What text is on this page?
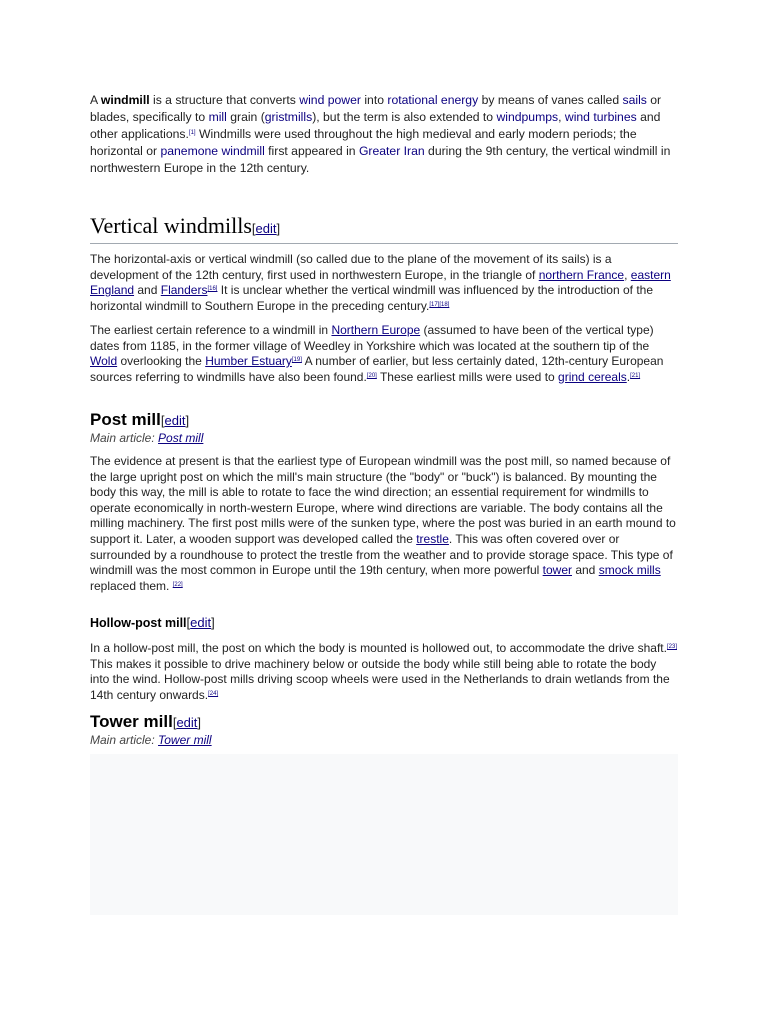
A windmill is a structure that converts wind power into rotational energy by means of vanes called sails or blades, specifically to mill grain (gristmills), but the term is also extended to windpumps, wind turbines and other applications.[1] Windmills were used throughout the high medieval and early modern periods; the horizontal or panemone windmill first appeared in Greater Iran during the 9th century, the vertical windmill in northwestern Europe in the 12th century.

Vertical windmills[edit]

The horizontal-axis or vertical windmill (so called due to the plane of the movement of its sails) is a development of the 12th century, first used in northwestern Europe, in the triangle of northern France, eastern England and Flanders[16] It is unclear whether the vertical windmill was influenced by the introduction of the horizontal windmill to Southern Europe in the preceding century.[17][18]

The earliest certain reference to a windmill in Northern Europe (assumed to have been of the vertical type) dates from 1185, in the former village of Weedley in Yorkshire which was located at the southern tip of the Wold overlooking the Humber Estuary[19] A number of earlier, but less certainly dated, 12th-century European sources referring to windmills have also been found.[20] These earliest mills were used to grind cereals.[21]

Post mill[edit]

Main article: Post mill

The evidence at present is that the earliest type of European windmill was the post mill, so named because of the large upright post on which the mill's main structure (the "body" or "buck") is balanced. By mounting the body this way, the mill is able to rotate to face the wind direction; an essential requirement for windmills to operate economically in north-western Europe, where wind directions are variable. The body contains all the milling machinery. The first post mills were of the sunken type, where the post was buried in an earth mound to support it. Later, a wooden support was developed called the trestle. This was often covered over or surrounded by a roundhouse to protect the trestle from the weather and to provide storage space. This type of windmill was the most common in Europe until the 19th century, when more powerful tower and smock mills replaced them. [22]

Hollow-post mill[edit]

In a hollow-post mill, the post on which the body is mounted is hollowed out, to accommodate the drive shaft.[23] This makes it possible to drive machinery below or outside the body while still being able to rotate the body into the wind. Hollow-post mills driving scoop wheels were used in the Netherlands to drain wetlands from the 14th century onwards.[24]

Tower mill[edit]

Main article: Tower mill
